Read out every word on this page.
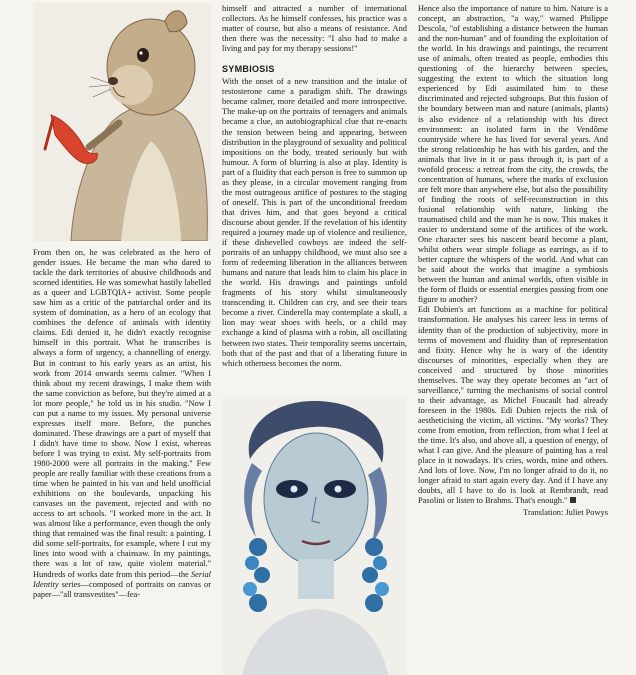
From then on, he was celebrated as the hero of gender issues. He became the man who dared to tackle the dark territories of abusive childhoods and scorned identities. He was somewhat hastily labelled as a queer and LGBTQIA+ activist. Some people saw him as a critic of the patriarchal order and its system of domination, as a hero of an ecology that combines the defence of animals with identity claims. Edi denied it, he didn't exactly recognise himself in this portrait. What he transcribes is always a form of urgency, a channelling of energy. But in contrast to his early years as an artist, his work from 2014 onwards seems calmer. "When I think about my recent drawings, I make them with the same conviction as before, but they're aimed at a lot more people," he told us in his studio. "Now I can put a name to my issues. My personal universe expresses itself more. Before, the punches dominated. These drawings are a part of myself that I didn't have time to show. Now I exist, whereas before I was trying to exist. My self-portraits from 1980-2000 were all portraits in the making." Few people are really familiar with these creations from a time when he painted in his van and held unofficial exhibitions on the boulevards, unpacking his canvases on the pavement, rejected and with no access to art schools. "I worked more in the act. It was almost like a performance, even though the only thing that remained was the final result: a painting. I did some self-portraits, for example, where I cut my lines into wood with a chainsaw. In my paintings, there was a lot of raw, quite violent material." Hundreds of works date from this period—the Serial Identity series—composed of portraits on canvas or paper—"all transvestites"—fea-

himself and attracted a number of international collectors. As he himself confesses, his practice was a matter of course, but also a means of resistance. And then there was the necessity: "I also had to make a living and pay for my therapy sessions!"

SYMBIOSIS

With the onset of a new transition and the intake of testosterone came a paradigm shift. The drawings became calmer, more detailed and more introspective. The make-up on the portraits of teenagers and animals became a clue, an autobiographical clue that re-enacts the tension between being and appearing, between distribution in the playground of sexuality and political impositions on the body, treated seriously but with humour. A form of blurring is also at play. Identity is part of a fluidity that each person is free to summon up as they please, in a circular movement ranging from the most outrageous artifice of postures to the staging of oneself. This is part of the unconditional freedom that drives him, and that goes beyond a critical discourse about gender. If the revelation of his identity required a journey made up of violence and resilience, if these dishevelled cowboys are indeed the self-portraits of an unhappy childhood, we must also see a form of redeeming liberation in the alliances between humans and nature that leads him to claim his place in the world. His drawings and paintings unfold fragments of his story whilst simultaneously transcending it. Children can cry, and see their tears become a river. Cinderella may contemplate a skull, a lion may wear shoes with heels, or a child may exchange a kind of plasma with a robin, all oscillating between two states. Their temporality seems uncertain, both that of the past and that of a liberating future in which otherness becomes the norm.

Hence also the importance of nature to him. Nature is a concept, an abstraction, "a way," warned Philippe Descola, "of establishing a distance between the human and the non-human" and of founding the exploitation of the world. In his drawings and paintings, the recurrent use of animals, often treated as people, embodies this questioning of the hierarchy between species, suggesting the extent to which the situation long experienced by Edi assimilated him to these discriminated and rejected subgroups. But this fusion of the boundary between man and nature (animals, plants) is also evidence of a relationship with his direct environment: an isolated farm in the Vendôme countryside where he has lived for several years. And the strong relationship he has with his garden, and the animals that live in it or pass through it, is part of a twofold process: a retreat from the city, the crowds, the concentration of humans, where the marks of exclusion are felt more than anywhere else, but also the possibility of finding the roots of self-reconstruction in this fusional relationship with nature, linking the traumatised child and the man he is now. This makes it easier to understand some of the artifices of the work. One character sees his nascent beard become a plant, whilst others wear simple foliage as earrings, as if to better capture the whispers of the world. And what can be said about the works that imagine a symbiosis between the human and animal worlds, often visible in the form of fluids or essential energies passing from one figure to another?

Edi Dubien's art functions as a machine for political transformation. He analyses his career less in terms of identity than of the production of subjectivity, more in terms of movement and fluidity than of representation and fixity. Hence why he is wary of the identity discourses of minorities, especially when they are conceived and structured by those minorities themselves. The way they operate becomes an "act of surveillance," turning the mechanisms of social control to their advantage, as Michel Foucault had already foreseen in the 1980s. Edi Dubien rejects the risk of aestheticising the victim, all victims. "My works? They come from emotion, from reflection, from what I feel at the time. It's also, and above all, a question of energy, of what I can give. And the pleasure of painting has a real place in it nowadays. It's cries, words, mine and others. And lots of love. Now, I'm no longer afraid to do it, no longer afraid to start again every day. And if I have any doubts, all I have to do is look at Rembrandt, read Pasolini or listen to Brahms. That's enough."

Translation: Juliet Powys
